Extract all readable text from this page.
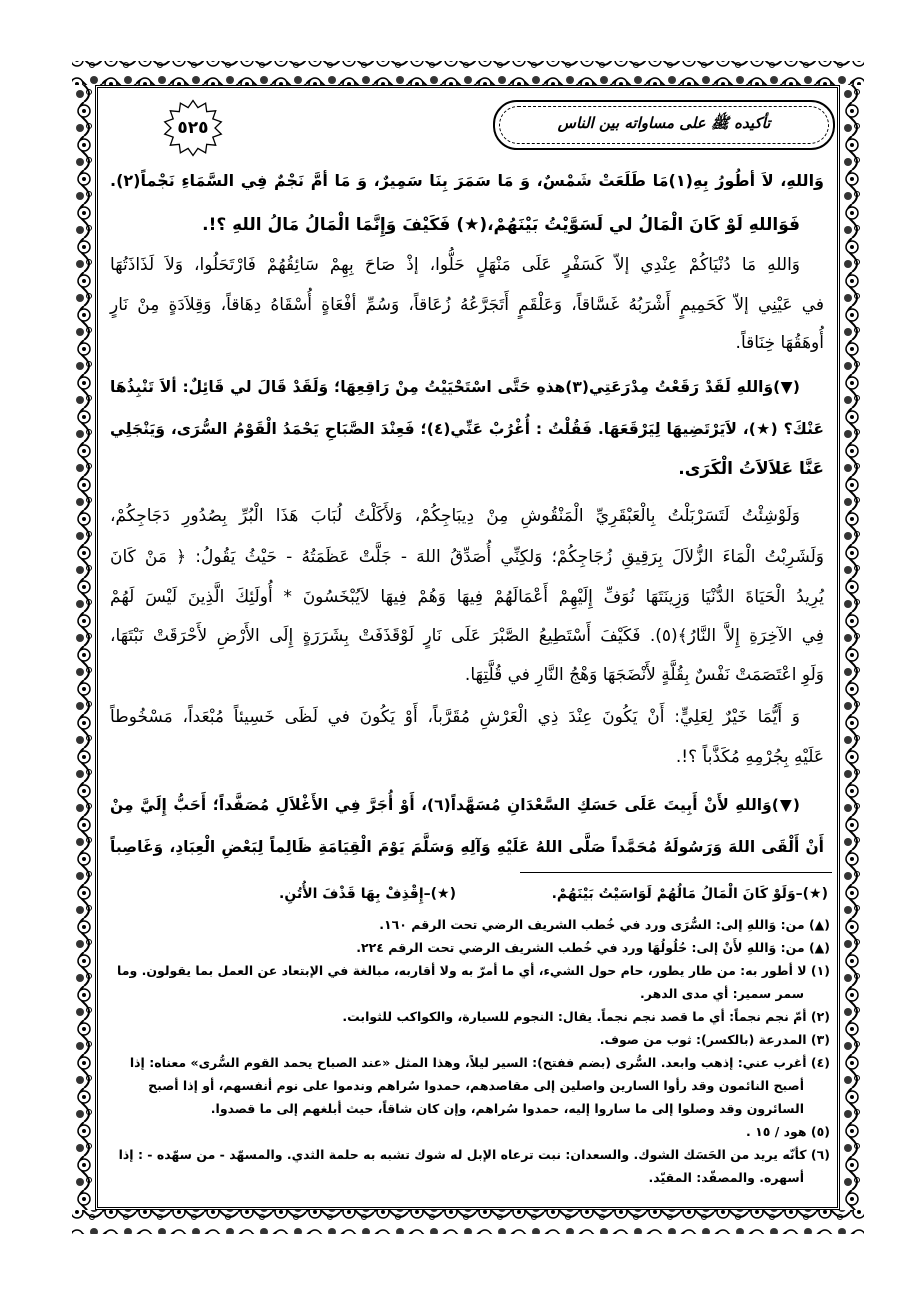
تأكيده ﷺ على مساواته بين الناس
٥٢٥
وَاللهِ، لاَ أطُورُ بِهِ(١)مَا طَلَعَتْ شَمْسٌ، وَ مَا سَمَرَ بِنَا سَمِيرٌ، وَ مَا أمَّ نَجْمٌ فِي السَّمَاءِ نَجْماً(٢).
فَوَاللهِ لَوْ كَانَ الْمَالُ لي لَسَوَّيْتُ بَيْنَهُمْ،(★) فَكَيْفَ وَإِنَّمَا الْمَالُ مَالُ اللهِ ؟!.
وَاللهِ مَا دُنْيَاكُمْ عِنْدِي إلاّ كَسَفْرٍ عَلَى مَنْهَلٍ حَلُّوا، إذْ صَاحَ بِهِمْ سَائِقُهُمْ فَارْتَحَلُوا، وَلاَ لَذَاذَتُهَا
في عَيْنِي إلاّ كَحَمِيمٍ أَشْرَبُهُ غَسَّاقاً، وَعَلْقَمٍ أَتَجَرَّعُهُ زُعَاقاً، وَسُمِّ أفْعَاةٍ أُسْقَاهُ دِهَاقاً، وَقِلاَدَةٍ مِنْ نَارٍ
أُوهَقُهَا خِنَاقاً.
(▼)وَاللهِ لَقَدْ رَقَعْتُ مِدْرَعَتِي(٣)هذهِ حَتَّى اسْتَحْيَيْتُ مِنْ رَاقِعِهَا؛ وَلَقَدْ قَالَ لي قَائِلٌ: ألاَ تَنْبِذُهَا
عَنْكَ؟ (★)، لاَيَرْتَضِيهَا لِيَرْقَعَهَا. فَقُلْتُ : أُغْرُبْ عَنِّي(٤)؛ فَعِنْدَ الصَّبَاحِ يَحْمَدُ الْقَوْمُ السُّرَى، وَيَنْجَلِي
عَنَّا عَلاَلاَتُ الْكَرَى.
وَلَوْشِئْتُ لَتَسَرْبَلْتُ بِالْعَبْقَرِيِّ الْمَنْقُوشِ مِنْ دِيبَاجِكُمْ، وَلأَكَلْتُ لُبَابَ هَذَا الْبُرِّ بِصُدُورِ دَجَاجِكُمْ،
وَلَشَرِبْتُ الْمَاءَ الزُّلاَلَ بِرَقِيقِ زُجَاجِكُمْ؛ وَلكِنِّي أُصَدِّقُ اللهَ - جَلَّتْ عَظَمَتُهُ - حَيْثُ يَقُولُ: ﴿ مَنْ كَانَ
يُرِيدُ الْحَيَاةَ الدُّنْيَا وَزِينَتَهَا نُوَفِّ إِلَيْهِمْ أَعْمَالَهُمْ فِيهَا وَهُمْ فِيهَا لاَيُبْخَسُونَ * أُولَئِكَ الَّذِينَ لَيْسَ لَهُمْ
فِي الآخِرَةِ إِلاَّ النَّارُ﴾(٥). فَكَيْفَ أَسْتَطِيعُ الصَّبْرَ عَلَى نَارٍ لَوْقَذَفَتْ بِشَرَرَةٍ إِلَى الأَرْضِ لأَحْرَقَتْ نَبْتَهَا،
وَلَوِ اعْتَصَمَتْ نَفْسٌ بِقُلَّةٍ لأَنْضَجَهَا وَهْجُ النَّارِ في قُلَّتِهَا.
وَ أَيُّمَا خَيْرٌ لِعَلِيٍّ: أَنْ يَكُونَ عِنْدَ ذِي الْعَرْشِ مُقَرَّباً، أَوْ يَكُونَ في لَظَى خَسِيئاً مُبْعَداً، مَسْخُوطاً
عَلَيْهِ بِجُرْمِهِ مُكَذَّباً ؟!.
(▼)وَاللهِ لأَنْ أَبِيتَ عَلَى حَسَكِ السَّعْدَانِ مُسَهَّداً(٦)، أَوْ أُجَرَّ فِي الأَغْلاَلِ مُصَفَّداً؛ أَحَبُّ إِلَيَّ مِنْ
أَنْ أَلْقَى اللهَ وَرَسُولَهُ مُحَمَّداً صَلَّى اللهُ عَلَيْهِ وَآلِهِ وَسَلَّمَ يَوْمَ الْقِيَامَةِ ظَالِماً لِبَعْضِ الْعِبَادِ، وَغَاصِباً
(★)–وَلَوْ كَانَ الْمَالُ مَالُهُمْ لَوَاسَيْتُ بَيْنَهُمْ.
(★)–إِقْذِفْ بِهَا قَذْفَ الأُتُنِ.
(▲) من: وَاللهِ إلى: السُّرَى ورد في خُطب الشريف الرضي تحت الرقم ١٦٠.
(▲) من: وَاللهِ لأَنْ إلى: حُلُولُهَا ورد في خُطب الشريف الرضي تحت الرقم ٢٢٤.
(١) لا أطور به: من طار يطور، حام حول الشيء، أي ما أمرّ به ولا أقاربه، مبالغة في الإبتعاد عن العمل بما يقولون. وما سمر سمير: أي مدى الدهر.
(٢) أمّ نجم نجماً: أي ما قصد نجم نجماً. يقال: النجوم للسيارة، والكواكب للثوابت.
(٣) المدرعة (بالكسر): ثوب من صوف.
(٤) أغرب عني: إذهب وابعد. السُّرى (بضم ففتح): السير ليلاً، وهذا المثل «عند الصباح يحمد القوم السُّرى» معناه: إذا أصبح النائمون وقد رأوا السارين واصلين إلى مقاصدهم، حمدوا سُراهم وندموا على نوم أنفسهم، أو إذا أصبح السائرون وقد وصلوا إلى ما ساروا إليه، حمدوا سُراهم، وإن كان شاقاً، حيث أبلغهم إلى ما قصدوا.
(٥) هود / ١٥ .
(٦) كأنّه يريد من الحَسَك الشوك. والسعدان: نبت ترعاه الإبل له شوك تشبه به حلمة الثدي. والمسهّد - من سهّده - : إذا أسهره. والمصفّد: المقيّد.
